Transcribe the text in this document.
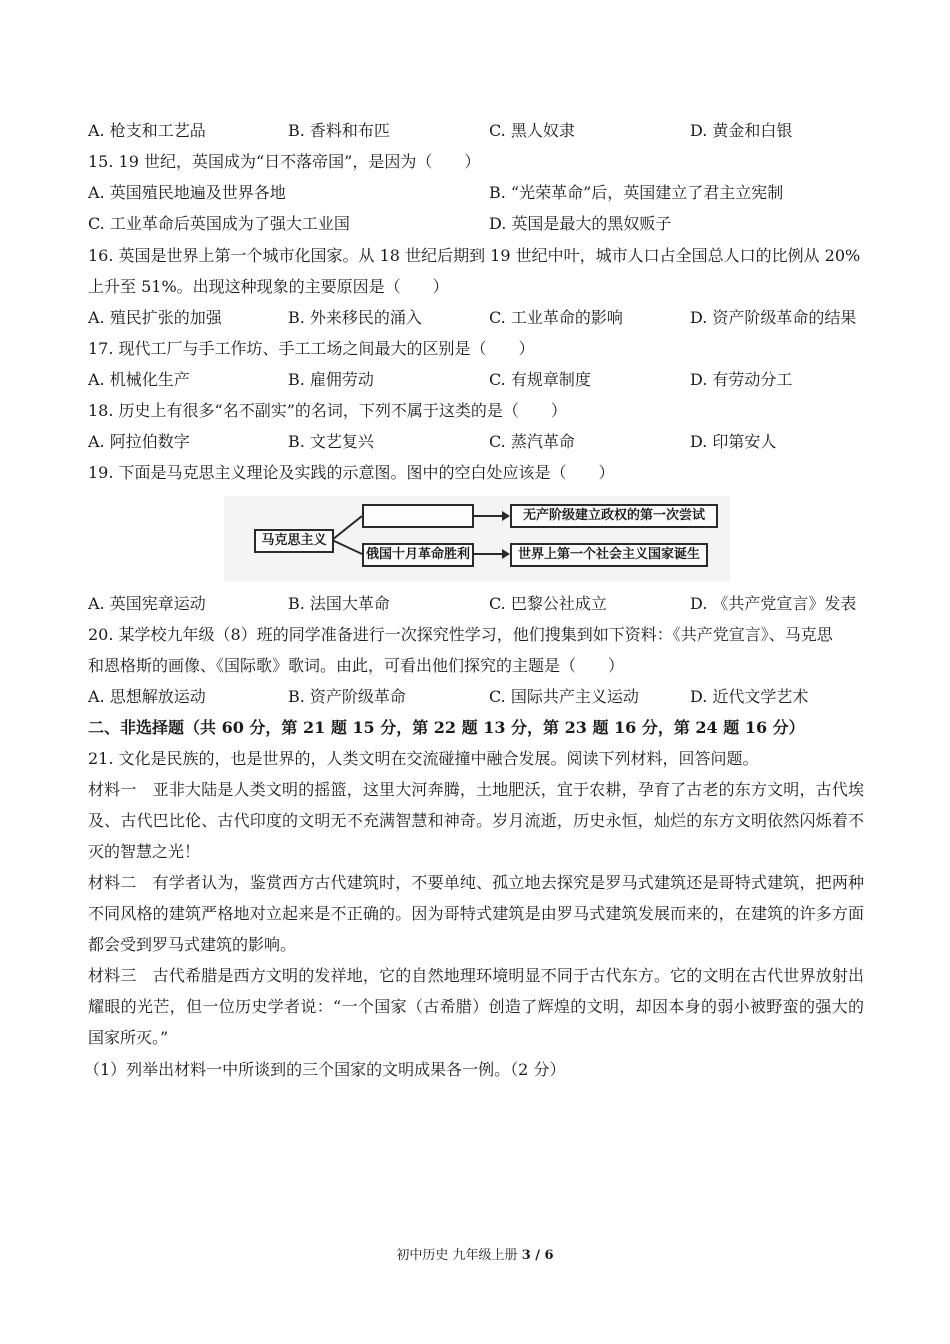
A. 枪支和工艺品	B. 香料和布匹	C. 黑人奴隶	D. 黄金和白银
15. 19 世纪，英国成为“日不落帝国”，是因为（　　）
A. 英国殖民地遍及世界各地	B. “光荣革命”后，英国建立了君主立宪制
C. 工业革命后英国成为了强大工业国	D. 英国是最大的黑奴贩子
16. 英国是世界上第一个城市化国家。从 18 世纪后期到 19 世纪中叶，城市人口占全国总人口的比例从 20%
上升至 51%。出现这种现象的主要原因是（　　）
A. 殖民扩张的加强	B. 外来移民的涌入	C. 工业革命的影响	D. 资产阶级革命的结果
17. 现代工厂与手工作坊、手工工场之间最大的区别是（　　）
A. 机械化生产	B. 雇佣劳动	C. 有规章制度	D. 有劳动分工
18. 历史上有很多“名不副实”的名词，下列不属于这类的是（　　）
A. 阿拉伯数字	B. 文艺复兴	C. 蒸汽革命	D. 印第安人
19. 下面是马克思主义理论及实践的示意图。图中的空白处应该是（　　）
马克思主义
俄国十月革命胜利
无产阶级建立政权的第一次尝试
世界上第一个社会主义国家诞生
A. 英国宪章运动	B. 法国大革命	C. 巴黎公社成立	D. 《共产党宣言》发表
20. 某学校九年级（8）班的同学准备进行一次探究性学习，他们搜集到如下资料：《共产党宣言》、马克思
和恩格斯的画像、《国际歌》歌词。由此，可看出他们探究的主题是（　　）
A. 思想解放运动	B. 资产阶级革命	C. 国际共产主义运动	D. 近代文学艺术
二、非选择题（共 60 分，第 21 题 15 分，第 22 题 13 分，第 23 题 16 分，第 24 题 16 分）
21. 文化是民族的，也是世界的，人类文明在交流碰撞中融合发展。阅读下列材料，回答问题。
材料一　亚非大陆是人类文明的摇篮，这里大河奔腾，土地肥沃，宜于农耕，孕育了古老的东方文明，古代埃及、古代巴比伦、古代印度的文明无不充满智慧和神奇。岁月流逝，历史永恒，灿烂的东方文明依然闪烁着不灭的智慧之光！
材料二　有学者认为，鉴赏西方古代建筑时，不要单纯、孤立地去探究是罗马式建筑还是哥特式建筑，把两种不同风格的建筑严格地对立起来是不正确的。因为哥特式建筑是由罗马式建筑发展而来的，在建筑的许多方面都会受到罗马式建筑的影响。
材料三　古代希腊是西方文明的发祥地，它的自然地理环境明显不同于古代东方。它的文明在古代世界放射出耀眼的光芒，但一位历史学者说：“一个国家（古希腊）创造了辉煌的文明，却因本身的弱小被野蛮的强大的国家所灭。”
（1）列举出材料一中所谈到的三个国家的文明成果各一例。（2 分）
初中历史 九年级上册 3 / 6
